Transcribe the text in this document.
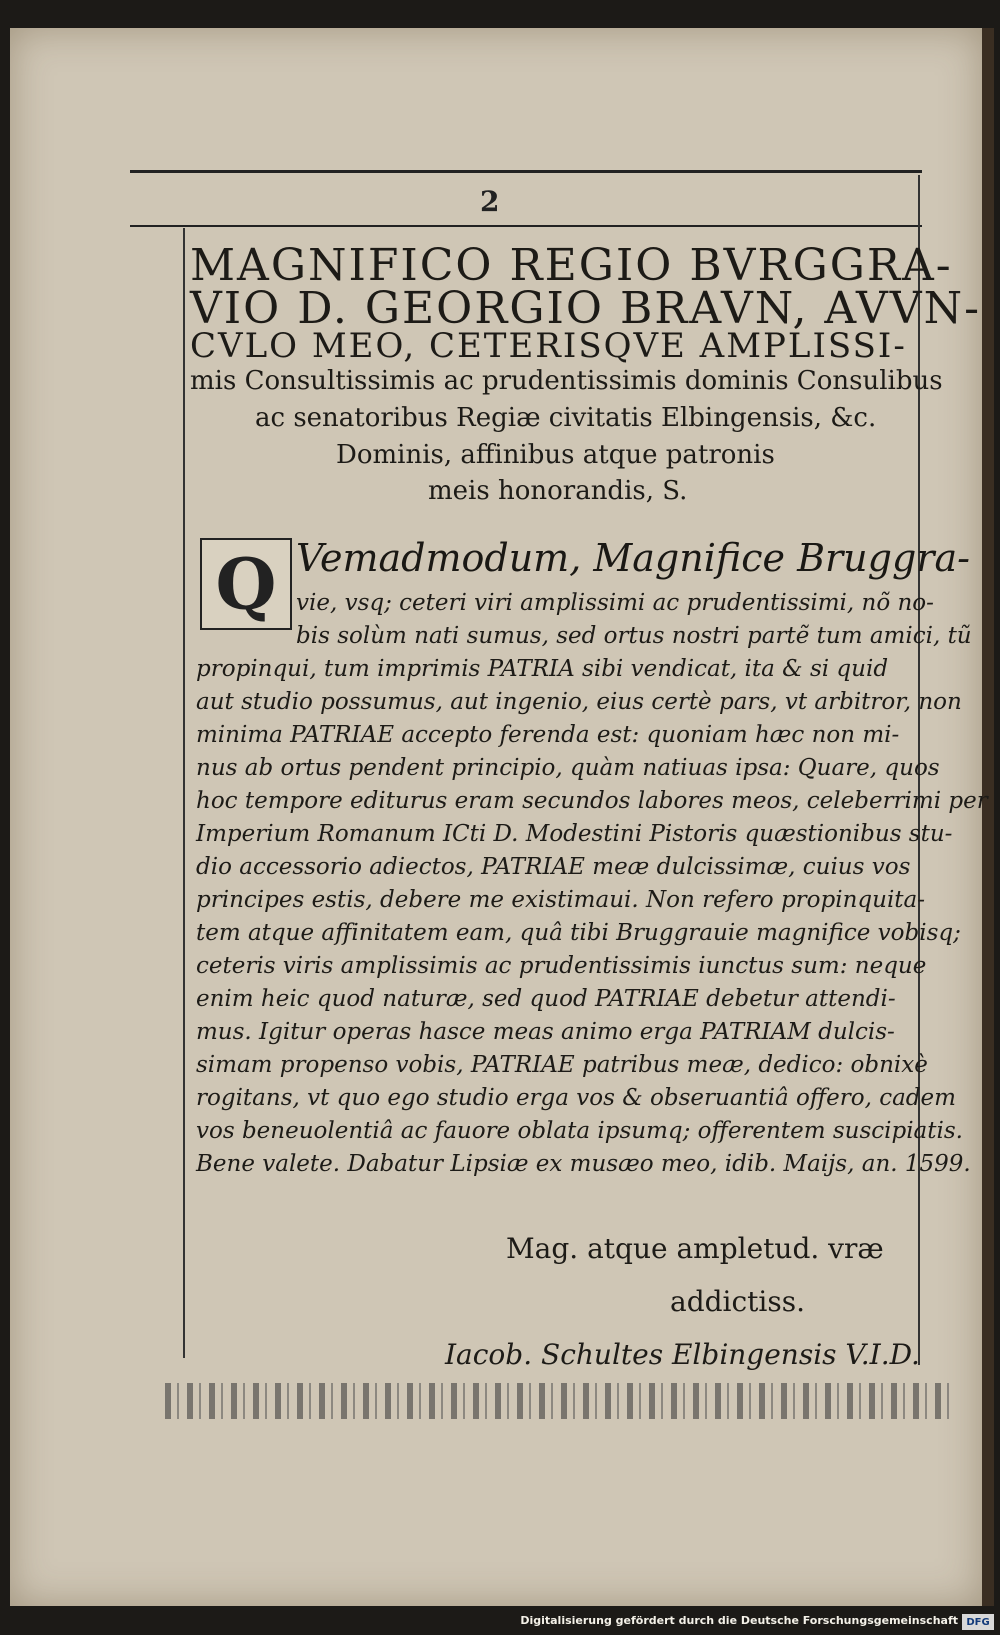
2
MAGNIFICO REGIO BVRGGRA-
VIO D. GEORGIO BRAVN, AVVN-
CVLO MEO, CETERISQVE AMPLISSI-
mis Consultissimis ac prudentissimis dominis Consulibus
ac senatoribus Regiæ civitatis Elbingensis, &c.
Dominis, affinibus atque patronis
meis honorandis, S.
Q Vemadmodum, Magnifice Bruggra-
vie, vsq; ceteri viri amplissimi ac prudentissimi, nõ no-
bis solùm nati sumus, sed ortus nostri partẽ tum amici, tũ
propinqui, tum imprimis PATRIA sibi vendicat, ita & si quid
aut studio possumus, aut ingenio, eius certè pars, vt arbitror, non
minima PATRIAE accepto ferenda est: quoniam hæc non mi-
nus ab ortus pendent principio, quàm natiuas ipsa: Quare, quos
hoc tempore editurus eram secundos labores meos, celeberrimi per
Imperium Romanum ICti D. Modestini Pistoris quæstionibus stu-
dio accessorio adiectos, PATRIAE meæ dulcissimæ, cuius vos
principes estis, debere me existimaui. Non refero propinquita-
tem atque affinitatem eam, quâ tibi Bruggrauie magnifice vobisq;
ceteris viris amplissimis ac prudentissimis iunctus sum: neque
enim heic quod naturæ, sed quod PATRIAE debetur attendi-
mus. Igitur operas hasce meas animo erga PATRIAM dulcis-
simam propenso vobis, PATRIAE patribus meæ, dedico: obnixè
rogitans, vt quo ego studio erga vos & obseruantiâ offero, cadem
vos beneuolentiâ ac fauore oblata ipsumq; offerentem suscipiatis.
Bene valete. Dabatur Lipsiæ ex musæo meo, idib. Maijs, an. 1599.
Mag. atque ampletud. vræ
addictiss.
Iacob. Schultes Elbingensis V.I.D.
Digitalisierung gefördert durch die Deutsche Forschungsgemeinschaft DFG
